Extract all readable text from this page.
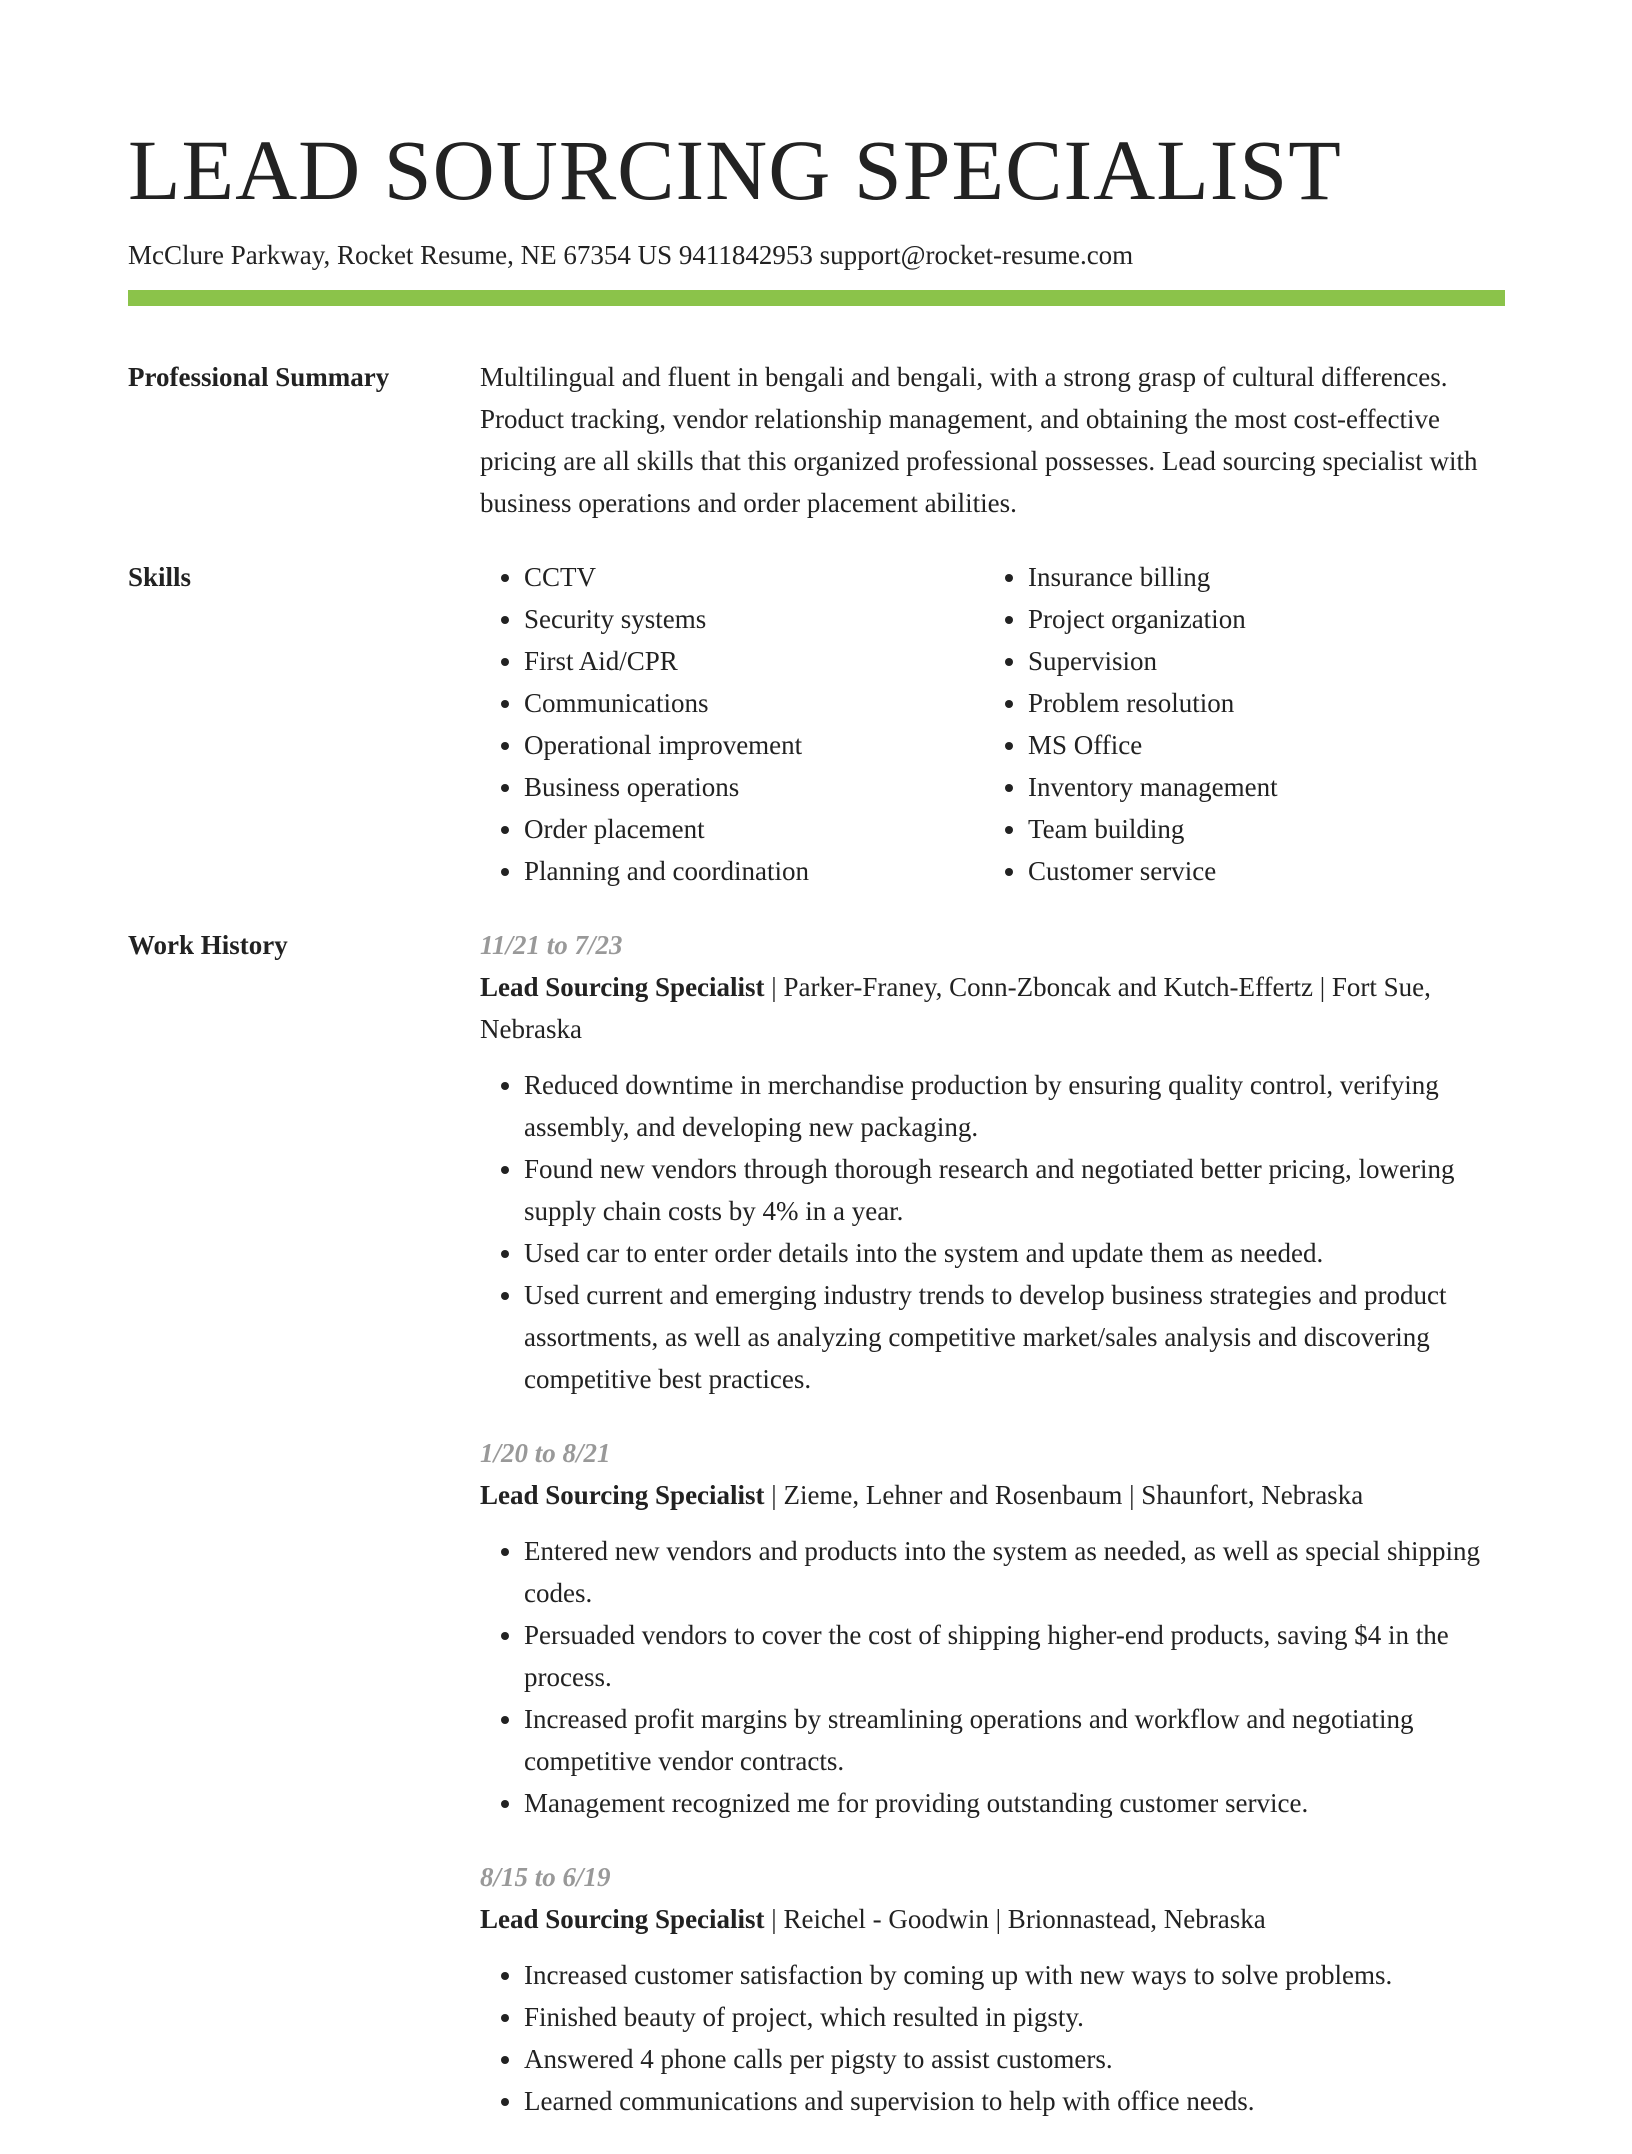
LEAD SOURCING SPECIALIST
McClure Parkway, Rocket Resume, NE 67354 US 9411842953 support@rocket-resume.com
Professional Summary	Multilingual and fluent in bengali and bengali, with a strong grasp of cultural differences. Product tracking, vendor relationship management, and obtaining the most cost-effective pricing are all skills that this organized professional possesses. Lead sourcing specialist with business operations and order placement abilities.
Skills
•	CCTV
• Security systems
• First Aid/CPR
• Communications
• Operational improvement
• Business operations
• Order placement
• Planning and coordination
• Insurance billing
• Project organization
• Supervision
• Problem resolution
• MS Office
• Inventory management
• Team building
• Customer service
Work History	11/21 to 7/23
Lead Sourcing Specialist | Parker-Franey, Conn-Zboncak and Kutch-Effertz | Fort Sue, Nebraska
• Reduced downtime in merchandise production by ensuring quality control, verifying assembly, and developing new packaging.
• Found new vendors through thorough research and negotiated better pricing, lowering supply chain costs by 4% in a year.
• Used car to enter order details into the system and update them as needed.
• Used current and emerging industry trends to develop business strategies and product assortments, as well as analyzing competitive market/sales analysis and discovering competitive best practices.
1/20 to 8/21
Lead Sourcing Specialist | Zieme, Lehner and Rosenbaum | Shaunfort, Nebraska
• Entered new vendors and products into the system as needed, as well as special shipping codes.
• Persuaded vendors to cover the cost of shipping higher-end products, saving $4 in the process.
• Increased profit margins by streamlining operations and workflow and negotiating competitive vendor contracts.
• Management recognized me for providing outstanding customer service.
8/15 to 6/19
Lead Sourcing Specialist | Reichel - Goodwin | Brionnastead, Nebraska
• Increased customer satisfaction by coming up with new ways to solve problems.
• Finished beauty of project, which resulted in pigsty.
• Answered 4 phone calls per pigsty to assist customers.
• Learned communications and supervision to help with office needs.
